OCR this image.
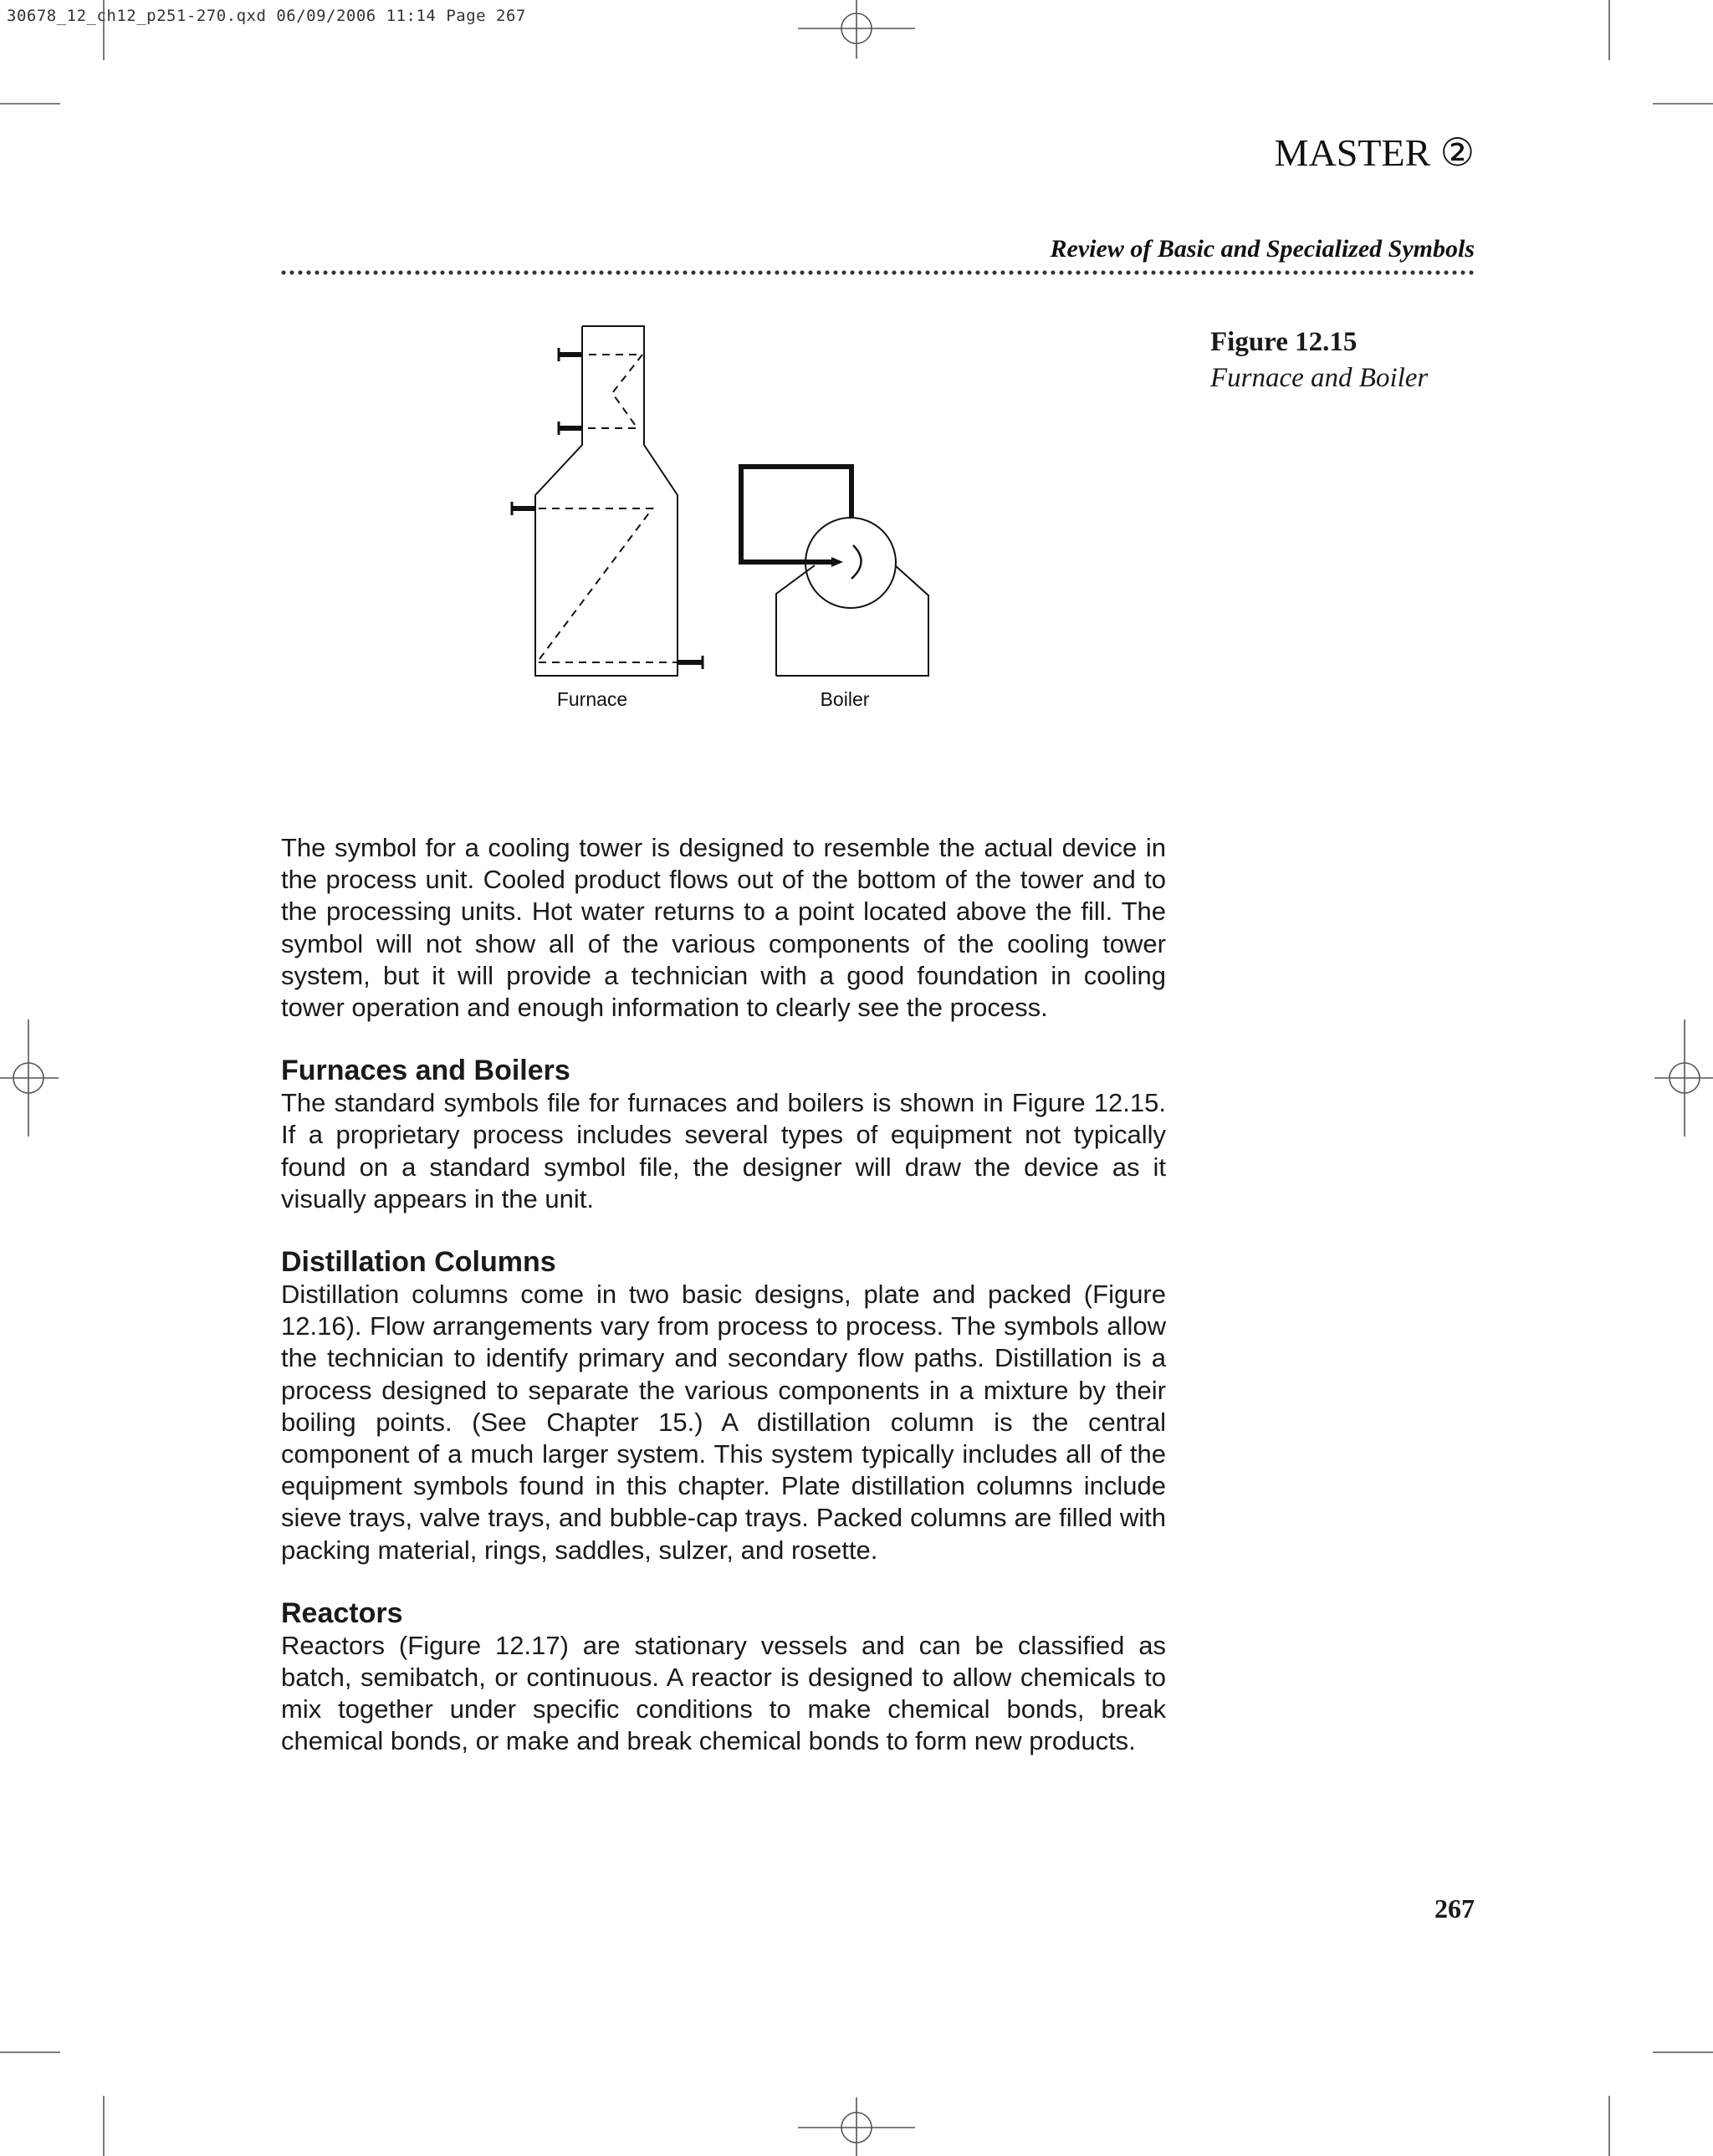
30678_12_ch12_p251-270.qxd 06/09/2006 11:14 Page 267
MASTER ②
Review of Basic and Specialized Symbols
Figure 12.15
Furnace and Boiler
Furnace	Boiler

The symbol for a cooling tower is designed to resemble the actual device in the process unit. Cooled product flows out of the bottom of the tower and to the processing units. Hot water returns to a point located above the fill. The symbol will not show all of the various components of the cooling tower system, but it will provide a technician with a good foundation in cooling tower operation and enough information to clearly see the process.

Furnaces and Boilers

The standard symbols file for furnaces and boilers is shown in Figure 12.15. If a proprietary process includes several types of equipment not typically found on a standard symbol file, the designer will draw the device as it visually appears in the unit.

Distillation Columns

Distillation columns come in two basic designs, plate and packed (Figure 12.16). Flow arrangements vary from process to process. The symbols allow the technician to identify primary and secondary flow paths. Distillation is a process designed to separate the various components in a mixture by their boiling points. (See Chapter 15.) A distillation column is the central component of a much larger system. This system typically includes all of the equipment symbols found in this chapter. Plate distillation columns include sieve trays, valve trays, and bubble-cap trays. Packed columns are filled with packing material, rings, saddles, sulzer, and rosette.

Reactors

Reactors (Figure 12.17) are stationary vessels and can be classified as batch, semibatch, or continuous. A reactor is designed to allow chemicals to mix together under specific conditions to make chemical bonds, break chemical bonds, or make and break chemical bonds to form new products.

267
